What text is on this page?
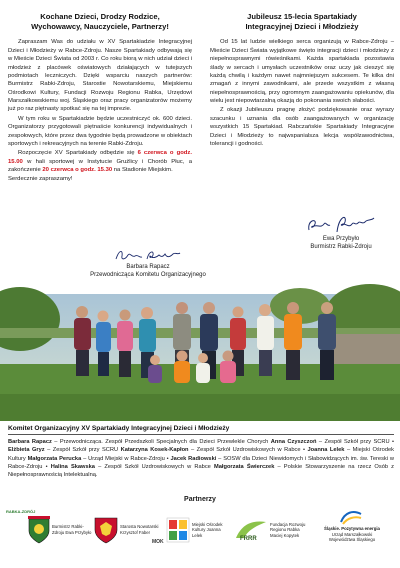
Kochane Dzieci, Drodzy Rodzice,
Wychowawcy, Nauczyciele, Partnerzy!

Zapraszam Was do udziału w XV Spartakiadzie Integracyjnej Dzieci i Młodzieży w Rabce-Zdroju. Nasze Spartakiady odbywają się w Mieście Dzieci Świata od 2003 r. Co roku biorą w nich udział dzieci i młodzież z placówek oświatowych działających w tutejszych podmiotach leczniczych. Dzięki wsparciu naszych partnerów: Burmistrz Rabki-Zdroju, Starostie Nowotarskiemu, Miejskiemu Ośrodkowi Kultury, Fundacji Rozwoju Regionu Rabka, Urzędowi Marszałkowskiemu woj. Śląskiego oraz pracy organizatorów możemy już po raz piętnasty spotkać się na tej imprezie.

W tym roku w Spartakiadzie będzie uczestniczyć ok. 600 dzieci. Organizatorzy przygotowali piętnaście konkurencji indywidualnych i zespołowych, które przez dwa tygodnie będą prowadzone w obiektach sportowych i rekreacyjnych na terenie Rabki-Zdroju.

Rozpoczęcie XV Spartakiady odbędzie się 6 czerwca o godz. 15.00 w hali sportowej w Instytucie Gruźlicy i Chorób Płuc, a zakończenie 20 czerwca o godz. 15.30 na Stadionie Miejskim.

Serdecznie zapraszamy!

Barbara Rapacz
Przewodnicząca Komitetu Organizacyjnego
Jubileusz 15-lecia Spartakiady
Integracyjnej Dzieci i Młodzieży

Od 15 lat ludzie wielkiego serca organizują w Rabce-Zdroju – Mieście Dzieci Świata wyjątkowe święto integracji dzieci i młodzieży z niepełnosprawnymi rówieśnikami. Każda spartakiada pozostawia ślady w sercach i umysłach uczestników oraz uczy jak cieszyć się każdą chwilą i każdym nawet najmniejszym sukcesem. Te kilka dni zmagań z innymi zawodnikami, ale przede wszystkim z własną niepełnosprawnością, przy ogromnym zaangażowaniu opiekunów, dla wielu jest niepowtarzalną okazją do pokonania swoich słabości.

Z okazji Jubileuszu pragnę złożyć podziękowanie oraz wyrazy szacunku i uznania dla osób zaangażowanych w organizację wszystkich 15 Spartakiad. Rabczańskie Spartakiady Integracyjne Dzieci i Młodzieży to najwspanialsza lekcja współzawodnictwa, tolerancji i godności.

Ewa Przybyło
Burmistrz Rabki-Zdroju
Komitet Organizacyjny XV Spartakiady Integracyjnej Dzieci i Młodzieży
Barbara Rapacz – Przewodnicząca. Zespół Przedszkoli Specjalnych dla Dzieci Przewlekle Chorych Anna Czyszczoń – Zespół Szkół przy SCRU • Elżbieta Gryz – Zespół Szkół przy SCRU Katarzyna Kosek-Kapłon – Zespół Szkół Uzdrowiskowych w Rabce • Joanna Lelek – Miejski Ośrodek Kultury Małgorzata Perucka – Urząd Miejski w Rabce-Zdroju • Jacek Radiowski – SOSW dla Dzieci Niewidomych i Słabowidzących im. św. Tereski w Rabce-Zdroju • Halina Skawska – Zespół Szkół Uzdrowiskowych w Rabce Małgorzata Świerczek – Polskie Stowarzyszenie na rzecz Osób z Niepełnosprawnością Intelektualną.
Partnerzy
Burmistrz Rabki-Zdroju Ewa Przybyło
Starosta Nowotarski Krzysztof Faber
Miejski Ośrodek Kultury Joanna Lelek
FRRR
Fundacja Rozwoju Regionu Rabka Maciej Kopytek
Śląskie. Pozytywna energia
Urząd Marszałkowski Województwa Śląskiego
RABKA-ZDRÓJ
MOK
